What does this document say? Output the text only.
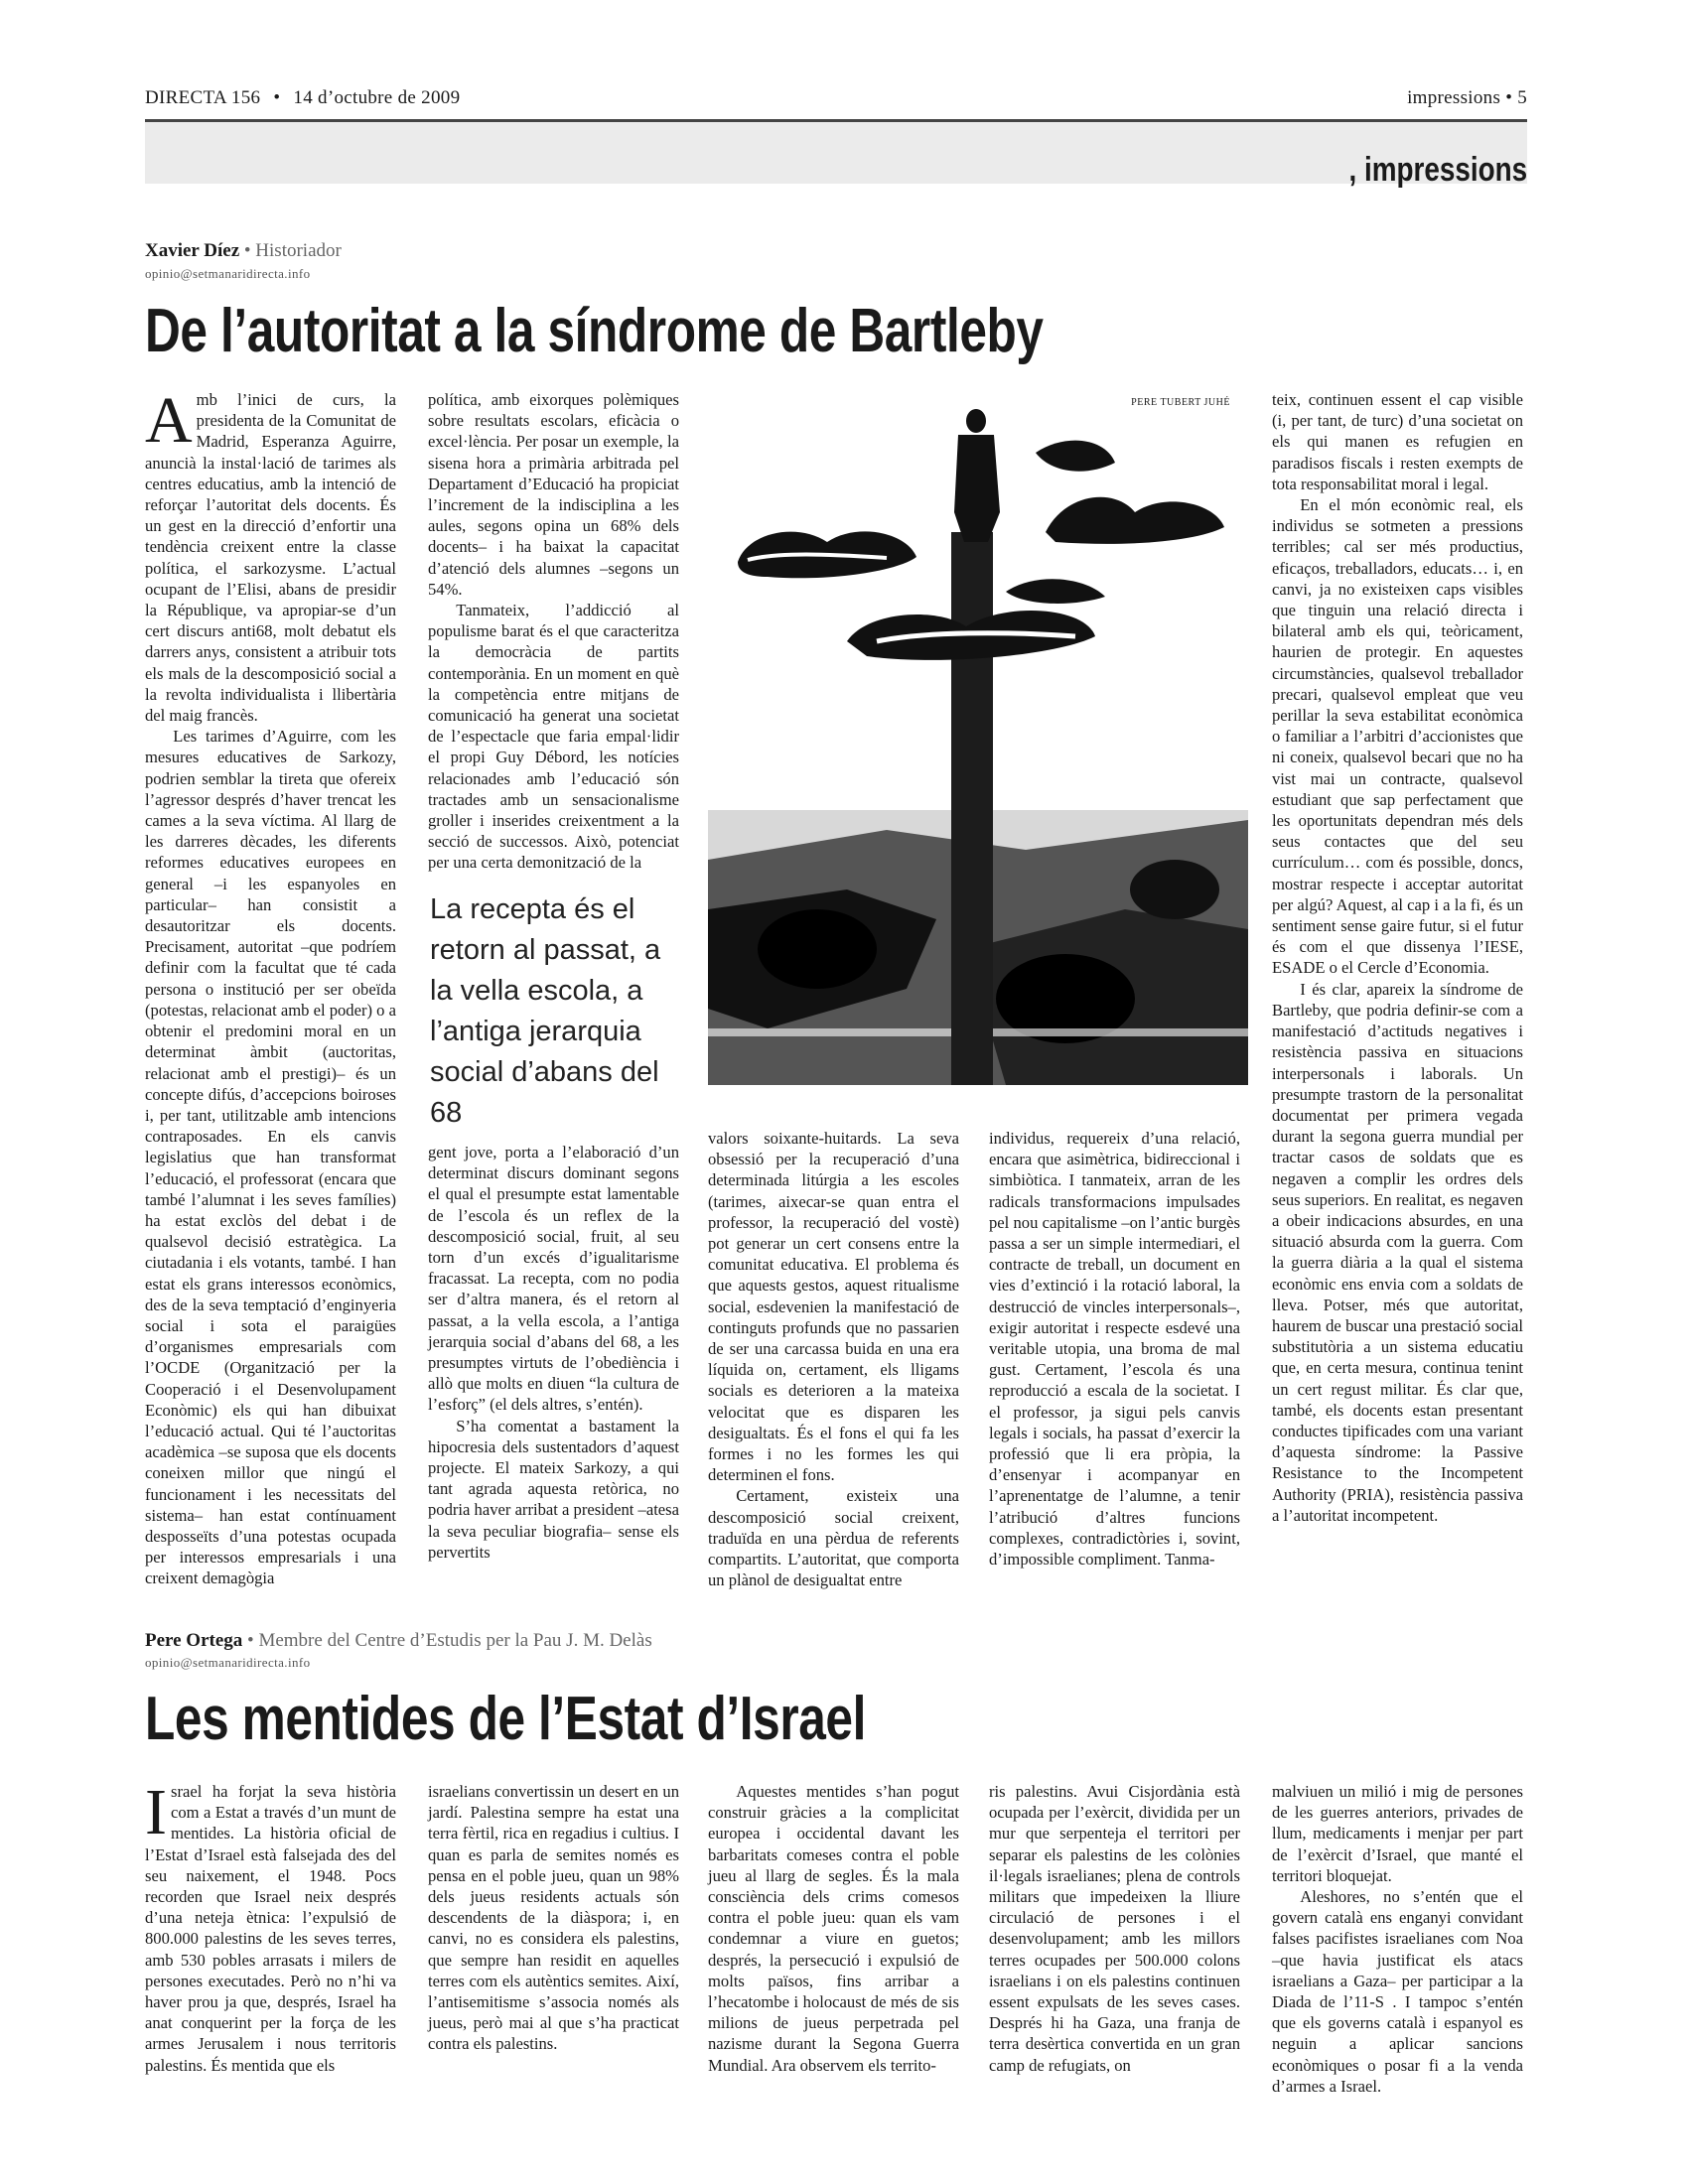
DIRECTA 156 • 14 d’octubre de 2009	impressions • 5
, impressions
Xavier Díez • Historiador
opinio@setmanaridirecta.info
De l’autoritat a la síndrome de Bartleby

Amb l’inici de curs, la presidenta de la Comunitat de Madrid, Esperanza Aguirre, anuncià la instal·lació de tarimes als centres educatius, amb la intenció de reforçar l’autoritat dels docents. És un gest en la direcció d’enfortir una tendència creixent entre la classe política, el sarkozysme. L’actual ocupant de l’Elisi, abans de presidir la République, va apropiar-se d’un cert discurs anti68, molt debatut els darrers anys, consistent a atribuir tots els mals de la descomposició social a la revolta individualista i llibertària del maig francès.

Les tarimes d’Aguirre, com les mesures educatives de Sarkozy, podrien semblar la tireta que ofereix l’agressor després d’haver trencat les cames a la seva víctima. Al llarg de les darreres dècades, les diferents reformes educatives europees en general –i les espanyoles en particular– han consistit a desautoritzar els docents. Precisament, autoritat –que podríem definir com la facultat que té cada persona o institució per ser obeïda (potestas, relacionat amb el poder) o a obtenir el predomini moral en un determinat àmbit (auctoritas, relacionat amb el prestigi)– és un concepte difús, d’accepcions boiroses i, per tant, utilitzable amb intencions contraposades. En els canvis legislatius que han transformat l’educació, el professorat (encara que també l’alumnat i les seves famílies) ha estat exclòs del debat i de qualsevol decisió estratègica. La ciutadania i els votants, també. I han estat els grans interessos econòmics, des de la seva temptació d’enginyeria social i sota el paraigües d’organismes empresarials com l’OCDE (Organització per la Cooperació i el Desenvolupament Econòmic) els qui han dibuixat l’educació actual. Qui té l’auctoritas acadèmica –se suposa que els docents coneixen millor que ningú el funcionament i les necessitats del sistema– han estat contínuament desposseïts d’una potestas ocupada per interessos empresarials i una creixent demagògia

política, amb eixorques polèmiques sobre resultats escolars, eficàcia o excel·lència. Per posar un exemple, la sisena hora a primària arbitrada pel Departament d’Educació ha propiciat l’increment de la indisciplina a les aules, segons opina un 68% dels docents– i ha baixat la capacitat d’atenció dels alumnes –segons un 54%.

Tanmateix, l’addicció al populisme barat és el que caracteritza la democràcia de partits contemporània. En un moment en què la competència entre mitjans de comunicació ha generat una societat de l’espectacle que faria empal·lidir el propi Guy Débord, les notícies relacionades amb l’educació són tractades amb un sensacionalisme groller i inserides creixentment a la secció de successos. Això, potenciat per una certa demonització de la

La recepta és el retorn al passat, a la vella escola, a l’antiga jerarquia social d’abans del 68

gent jove, porta a l’elaboració d’un determinat discurs dominant segons el qual el presumpte estat lamentable de l’escola és un reflex de la descomposició social, fruit, al seu torn d’un excés d’igualitarisme fracassat. La recepta, com no podia ser d’altra manera, és el retorn al passat, a la vella escola, a l’antiga jerarquia social d’abans del 68, a les presumptes virtuts de l’obediència i allò que molts en diuen “la cultura de l’esforç” (el dels altres, s’entén).

S’ha comentat a bastament la hipocresia dels sustentadors d’aquest projecte. El mateix Sarkozy, a qui tant agrada aquesta retòrica, no podria haver arribat a president –atesa la seva peculiar biografia– sense els pervertits

PERE TUBERT JUHÉ

valors soixante-huitards. La seva obsessió per la recuperació d’una determinada litúrgia a les escoles (tarimes, aixecar-se quan entra el professor, la recuperació del vostè) pot generar un cert consens entre la comunitat educativa. El problema és que aquests gestos, aquest ritualisme social, esdevenien la manifestació de continguts profunds que no passarien de ser una carcassa buida en una era líquida on, certament, els lligams socials es deterioren a la mateixa velocitat que es disparen les desigualtats. És el fons el qui fa les formes i no les formes les qui determinen el fons.

Certament, existeix una descomposició social creixent, traduïda en una pèrdua de referents compartits. L’autoritat, que comporta un plànol de desigualtat entre

individus, requereix d’una relació, encara que asimètrica, bidireccional i simbiòtica. I tanmateix, arran de les radicals transformacions impulsades pel nou capitalisme –on l’antic burgès passa a ser un simple intermediari, el contracte de treball, un document en vies d’extinció i la rotació laboral, la destrucció de vincles interpersonals–, exigir autoritat i respecte esdevé una veritable utopia, una broma de mal gust. Certament, l’escola és una reproducció a escala de la societat. I el professor, ja sigui pels canvis legals i socials, ha passat d’exercir la professió que li era pròpia, la d’ensenyar i acompanyar en l’aprenentatge de l’alumne, a tenir l’atribució d’altres funcions complexes, contradictòries i, sovint, d’impossible compliment. Tanma-

teix, continuen essent el cap visible (i, per tant, de turc) d’una societat on els qui manen es refugien en paradisos fiscals i resten exempts de tota responsabilitat moral i legal.

En el món econòmic real, els individus se sotmeten a pressions terribles; cal ser més productius, eficaços, treballadors, educats… i, en canvi, ja no existeixen caps visibles que tinguin una relació directa i bilateral amb els qui, teòricament, haurien de protegir. En aquestes circumstàncies, qualsevol treballador precari, qualsevol empleat que veu perillar la seva estabilitat econòmica o familiar a l’arbitri d’accionistes que ni coneix, qualsevol becari que no ha vist mai un contracte, qualsevol estudiant que sap perfectament que les oportunitats dependran més dels seus contactes que del seu currículum… com és possible, doncs, mostrar respecte i acceptar autoritat per algú? Aquest, al cap i a la fi, és un sentiment sense gaire futur, si el futur és com el que dissenya l’IESE, ESADE o el Cercle d’Economia.

I és clar, apareix la síndrome de Bartleby, que podria definir-se com a manifestació d’actituds negatives i resistència passiva en situacions interpersonals i laborals. Un presumpte trastorn de la personalitat documentat per primera vegada durant la segona guerra mundial per tractar casos de soldats que es negaven a complir les ordres dels seus superiors. En realitat, es negaven a obeir indicacions absurdes, en una situació absurda com la guerra. Com la guerra diària a la qual el sistema econòmic ens envia com a soldats de lleva. Potser, més que autoritat, haurem de buscar una prestació social substitutòria a un sistema educatiu que, en certa mesura, continua tenint un cert regust militar. És clar que, també, els docents estan presentant conductes tipificades com una variant d’aquesta síndrome: la Passive Resistance to the Incompetent Authority (PRIA), resistència passiva a l’autoritat incompetent.

Pere Ortega • Membre del Centre d’Estudis per la Pau J. M. Delàs
opinio@setmanaridirecta.info
Les mentides de l’Estat d’Israel

Israel ha forjat la seva història com a Estat a través d’un munt de mentides. La història oficial de l’Estat d’Israel està falsejada des del seu naixement, el 1948. Pocs recorden que Israel neix després d’una neteja ètnica: l’expulsió de 800.000 palestins de les seves terres, amb 530 pobles arrasats i milers de persones executades. Però no n’hi va haver prou ja que, després, Israel ha anat conquerint per la força de les armes Jerusalem i nous territoris palestins. És mentida que els

israelians convertissin un desert en un jardí. Palestina sempre ha estat una terra fèrtil, rica en regadius i cultius. I quan es parla de semites només es pensa en el poble jueu, quan un 98% dels jueus residents actuals són descendents de la diàspora; i, en canvi, no es considera els palestins, que sempre han residit en aquelles terres com els autèntics semites. Així, l’antisemitisme s’associa només als jueus, però mai al que s’ha practicat contra els palestins.

Aquestes mentides s’han pogut construir gràcies a la complicitat europea i occidental davant les barbaritats comeses contra el poble jueu al llarg de segles. És la mala consciència dels crims comesos contra el poble jueu: quan els vam condemnar a viure en guetos; després, la persecució i expulsió de molts països, fins arribar a l’hecatombe i holocaust de més de sis milions de jueus perpetrada pel nazisme durant la Segona Guerra Mundial. Ara observem els territo-

ris palestins. Avui Cisjordània està ocupada per l’exèrcit, dividida per un mur que serpenteja el territori per separar els palestins de les colònies il·legals israelianes; plena de controls militars que impedeixen la lliure circulació de persones i el desenvolupament; amb les millors terres ocupades per 500.000 colons israelians i on els palestins continuen essent expulsats de les seves cases. Després hi ha Gaza, una franja de terra desèrtica convertida en un gran camp de refugiats, on

malviuen un milió i mig de persones de les guerres anteriors, privades de llum, medicaments i menjar per part de l’exèrcit d’Israel, que manté el territori bloquejat.

Aleshores, no s’entén que el govern català ens enganyi convidant falses pacifistes israelianes com Noa –que havia justificat els atacs israelians a Gaza– per participar a la Diada de l’11-S . I tampoc s’entén que els governs català i espanyol es neguin a aplicar sancions econòmiques o posar fi a la venda d’armes a Israel.
